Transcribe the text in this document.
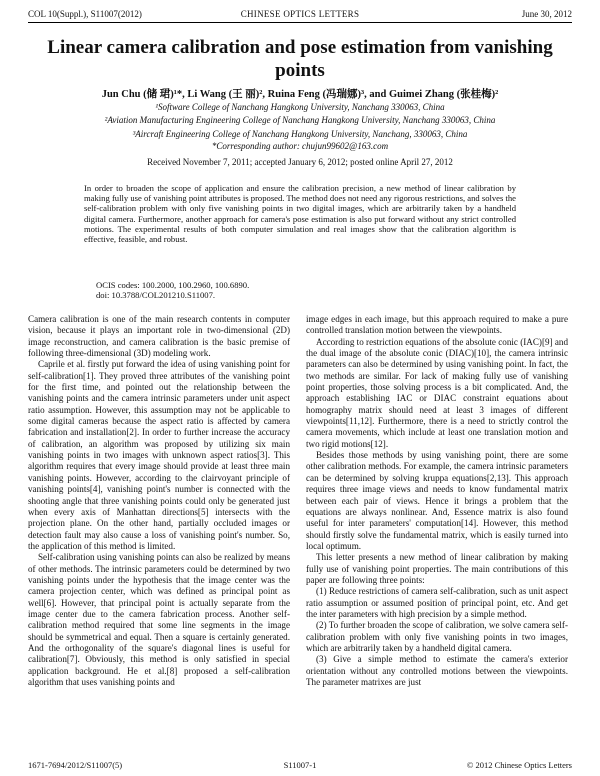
COL 10(Suppl.), S11007(2012)	CHINESE OPTICS LETTERS	June 30, 2012
Linear camera calibration and pose estimation from vanishing points
Jun Chu (储 珺)¹*, Li Wang (王 丽)², Ruina Feng (冯瑞娜)³, and Guimei Zhang (张桂梅)²
¹Software College of Nanchang Hangkong University, Nanchang 330063, China
²Aviation Manufacturing Engineering College of Nanchang Hangkong University, Nanchang 330063, China
³Aircraft Engineering College of Nanchang Hangkong University, Nanchang, 330063, China
*Corresponding author: chujun99602@163.com
Received November 7, 2011; accepted January 6, 2012; posted online April 27, 2012
In order to broaden the scope of application and ensure the calibration precision, a new method of linear calibration by making fully use of vanishing point attributes is proposed. The method does not need any rigorous restrictions, and solves the self-calibration problem with only five vanishing points in two digital images, which are arbitrarily taken by a handheld digital camera. Furthermore, another approach for camera's pose estimation is also put forward without any strict controlled motions. The experimental results of both computer simulation and real images show that the calibration algorithm is effective, feasible, and robust.
OCIS codes: 100.2000, 100.2960, 100.6890.
doi: 10.3788/COL201210.S11007.

Camera calibration is one of the main research contents in computer vision, because it plays an important role in two-dimensional (2D) image reconstruction, and camera calibration is the basic premise of following three-dimensional (3D) modeling work.

Caprile et al. firstly put forward the idea of using vanishing point for self-calibration[1]. They proved three attributes of the vanishing point for the first time, and pointed out the relationship between the vanishing points and the camera intrinsic parameters under unit aspect ratio assumption. However, this assumption may not be applicable to some digital cameras because the aspect ratio is affected by camera fabrication and installation[2]. In order to further increase the accuracy of calibration, an algorithm was proposed by utilizing six main vanishing points in two images with unknown aspect ratios[3]. This algorithm requires that every image should provide at least three main vanishing points. However, according to the clairvoyant principle of vanishing points[4], vanishing point's number is connected with the shooting angle that three vanishing points could only be generated just when every axis of Manhattan directions[5] intersects with the projection plane. On the other hand, partially occluded images or detection fault may also cause a loss of vanishing point's number. So, the application of this method is limited.

Self-calibration using vanishing points can also be realized by means of other methods. The intrinsic parameters could be determined by two vanishing points under the hypothesis that the image center was the camera projection center, which was defined as principal point as well[6]. However, that principal point is actually separate from the image center due to the camera fabrication process. Another self-calibration method required that some line segments in the image should be symmetrical and equal. Then a square is certainly generated. And the orthogonality of the square's diagonal lines is useful for calibration[7]. Obviously, this method is only satisfied in special application background. He et al.[8] proposed a self-calibration algorithm that uses vanishing points and

image edges in each image, but this approach required to make a pure controlled translation motion between the viewpoints.

According to restriction equations of the absolute conic (IAC)[9] and the dual image of the absolute conic (DIAC)[10], the camera intrinsic parameters can also be determined by using vanishing point. In fact, the two methods are similar. For lack of making fully use of vanishing point properties, those solving process is a bit complicated. And, the approach establishing IAC or DIAC constraint equations about homography matrix should need at least 3 images of different viewpoints[11,12]. Furthermore, there is a need to strictly control the camera movements, which include at least one translation motion and two rigid motions[12].

Besides those methods by using vanishing point, there are some other calibration methods. For example, the camera intrinsic parameters can be determined by solving kruppa equations[2,13]. This approach requires three image views and needs to know fundamental matrix between each pair of views. Hence it brings a problem that the equations are always nonlinear. And, Essence matrix is also found useful for inter parameters' computation[14]. However, this method should firstly solve the fundamental matrix, which is easily turned into local optimum.

This letter presents a new method of linear calibration by making fully use of vanishing point properties. The main contributions of this paper are following three points:

(1) Reduce restrictions of camera self-calibration, such as unit aspect ratio assumption or assumed position of principal point, etc. And get the inter parameters with high precision by a simple method.

(2) To further broaden the scope of calibration, we solve camera self-calibration problem with only five vanishing points in two images, which are arbitrarily taken by a handheld digital camera.

(3) Give a simple method to estimate the camera's exterior orientation without any controlled motions between the viewpoints. The parameter matrixes are just

1671-7694/2012/S11007(5)	S11007-1	© 2012 Chinese Optics Letters
